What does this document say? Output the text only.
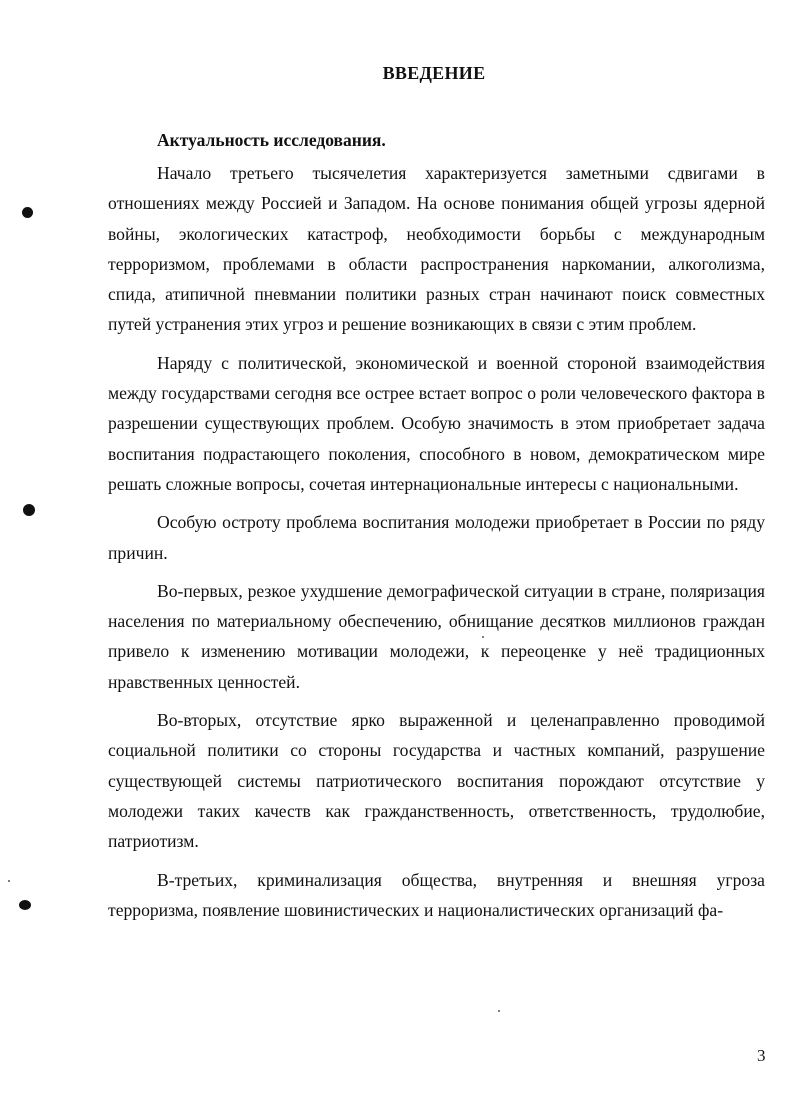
ВВЕДЕНИЕ
Актуальность исследования.

Начало третьего тысячелетия характеризуется заметными сдвигами в отношениях между Россией и Западом. На основе понимания общей угрозы ядерной войны, экологических катастроф, необходимости борьбы с международным терроризмом, проблемами в области распространения наркомании, алкоголизма, спида, атипичной пневмании политики разных стран начинают поиск совместных путей устранения этих угроз и решение возникающих в связи с этим проблем.

Наряду с политической, экономической и военной стороной взаимодействия между государствами сегодня все острее встает вопрос о роли человеческого фактора в разрешении существующих проблем. Особую значимость в этом приобретает задача воспитания подрастающего поколения, способного в новом, демократическом мире решать сложные вопросы, сочетая интернациональные интересы с национальными.

Особую остроту проблема воспитания молодежи приобретает в России по ряду причин.

Во-первых, резкое ухудшение демографической ситуации в стране, поляризация населения по материальному обеспечению, обнищание десятков миллионов граждан привело к изменению мотивации молодежи, к переоценке у неё традиционных нравственных ценностей.

Во-вторых, отсутствие ярко выраженной и целенаправленно проводимой социальной политики со стороны государства и частных компаний, разрушение существующей системы патриотического воспитания порождают отсутствие у молодежи таких качеств как гражданственность, ответственность, трудолюбие, патриотизм.

В-третьих, криминализация общества, внутренняя и внешняя угроза терроризма, появление шовинистических и националистических организаций фа-

3
